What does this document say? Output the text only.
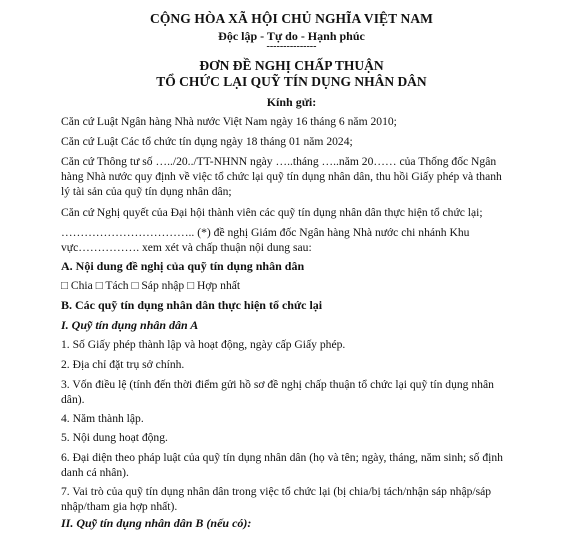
CỘNG HÒA XÃ HỘI CHỦ NGHĨA VIỆT NAM
Độc lập - Tự do - Hạnh phúc
---------------
ĐƠN ĐỀ NGHỊ CHẤP THUẬN
TỔ CHỨC LẠI QUỸ TÍN DỤNG NHÂN DÂN
Kính gửi:
Căn cứ Luật Ngân hàng Nhà nước Việt Nam ngày 16 tháng 6 năm 2010;
Căn cứ Luật Các tổ chức tín dụng ngày 18 tháng 01 năm 2024;
Căn cứ Thông tư số …../20../TT-NHNN ngày …..tháng …..năm 20…… của Thống đốc Ngân
hàng Nhà nước quy định về việc tổ chức lại quỹ tín dụng nhân dân, thu hồi Giấy phép và thanh
lý tài sản của quỹ tín dụng nhân dân;
Căn cứ Nghị quyết của Đại hội thành viên các quỹ tín dụng nhân dân thực hiện tổ chức lại;
…………………………….. (*) đề nghị Giám đốc Ngân hàng Nhà nước chi nhánh Khu
vực……………. xem xét và chấp thuận nội dung sau:
A. Nội dung đề nghị của quỹ tín dụng nhân dân
□ Chia □ Tách □ Sáp nhập □ Hợp nhất
B. Các quỹ tín dụng nhân dân thực hiện tổ chức lại
I. Quỹ tín dụng nhân dân A
1. Số Giấy phép thành lập và hoạt động, ngày cấp Giấy phép.
2. Địa chỉ đặt trụ sở chính.
3. Vốn điều lệ (tính đến thời điểm gửi hồ sơ đề nghị chấp thuận tổ chức lại quỹ tín dụng nhân
dân).
4. Năm thành lập.
5. Nội dung hoạt động.
6. Đại diện theo pháp luật của quỹ tín dụng nhân dân (họ và tên; ngày, tháng, năm sinh; số định
danh cá nhân).
7. Vai trò của quỹ tín dụng nhân dân trong việc tổ chức lại (bị chia/bị tách/nhận sáp nhập/sáp
nhập/tham gia hợp nhất).
II. Quỹ tín dụng nhân dân B (nếu có):
